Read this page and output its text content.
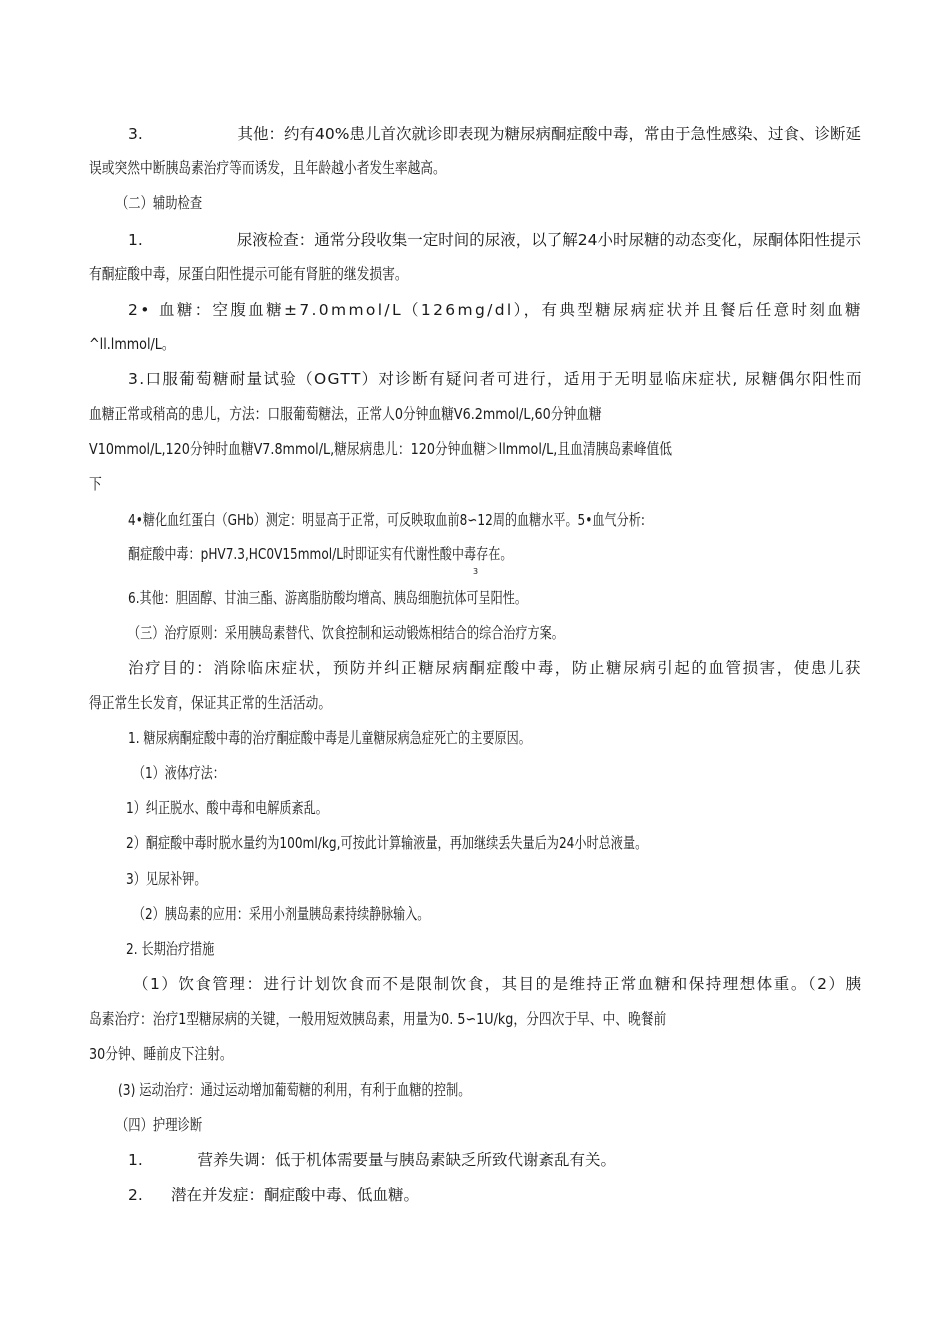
3.	其他：约有40%患儿首次就诊即表现为糖尿病酮症酸中毒，常由于急性感染、过食、诊断延
误或突然中断胰岛素治疗等而诱发，且年龄越小者发生率越高。
（二）辅助检查
1.	尿液检查：通常分段收集一定时间的尿液，以了解24小时尿糖的动态变化，尿酮体阳性提示
有酮症酸中毒，尿蛋白阳性提示可能有肾脏的继发损害。
2• 血糖：空腹血糖±7.0mmol/L（126mg/dl），有典型糖尿病症状并且餐后任意时刻血糖
^ll.lmmol/L。
3.口服葡萄糖耐量试验（OGTT）对诊断有疑问者可进行，适用于无明显临床症状, 尿糖偶尔阳性而
血糖正常或稍高的患儿，方法：口服葡萄糖法，正常人0分钟血糖V6.2mmol/L,60分钟血糖
V10mmol/L,120分钟时血糖V7.8mmol/L,糖尿病患儿：120分钟血糖＞llmmol/L,且血清胰岛素峰值低
下
4•糖化血红蛋白（GHb）测定：明显高于正常，可反映取血前8∽12周的血糖水平。5•血气分析:
酮症酸中毒：pHV7.3,HC0V15mmol/L时即证实有代谢性酸中毒存在。
3
6.其他：胆固醇、甘油三酯、游离脂肪酸均增高、胰岛细胞抗体可呈阳性。
（三）治疗原则：采用胰岛素替代、饮食控制和运动锻炼相结合的综合治疗方案。
治疗目的：消除临床症状，预防并纠正糖尿病酮症酸中毒，防止糖尿病引起的血管损害，使患儿获
得正常生长发育，保证其正常的生活活动。
1. 糖尿病酮症酸中毒的治疗酮症酸中毒是儿童糖尿病急症死亡的主要原因。
（1）液体疗法：
1）纠正脱水、酸中毒和电解质紊乱。
2）酮症酸中毒时脱水量约为100ml/kg,可按此计算输液量，再加继续丢失量后为24小时总液量。
3）见尿补钾。
（2）胰岛素的应用：采用小剂量胰岛素持续静脉输入。
2. 长期治疗措施
（1）饮食管理：进行计划饮食而不是限制饮食，其目的是维持正常血糖和保持理想体重。（2）胰
岛素治疗：治疗1型糖尿病的关键，一般用短效胰岛素，用量为0. 5∽1U/kg，分四次于早、中、晚餐前
30分钟、睡前皮下注射。
(3) 运动治疗：通过运动增加葡萄糖的利用，有利于血糖的控制。
（四）护理诊断
1.	营养失调：低于机体需要量与胰岛素缺乏所致代谢紊乱有关。
2. 潜在并发症：酮症酸中毒、低血糖。
